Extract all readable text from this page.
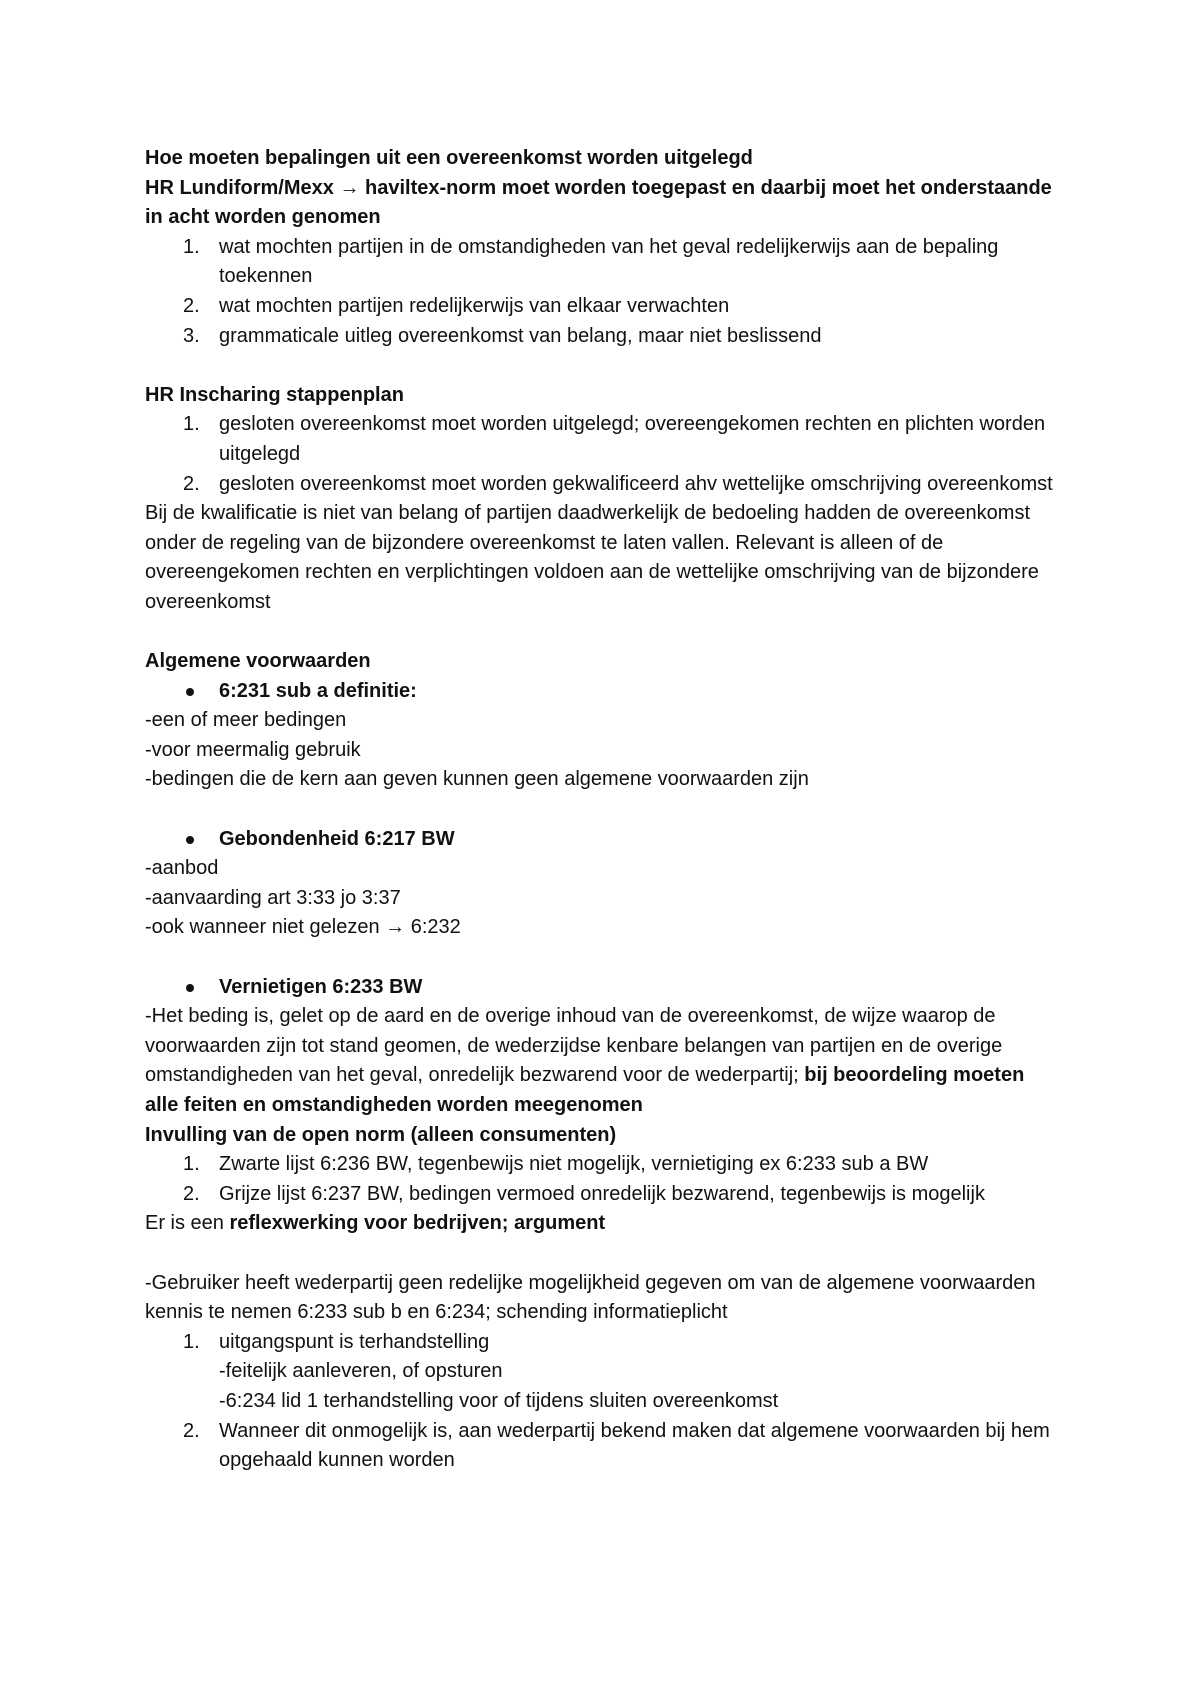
Hoe moeten bepalingen uit een overeenkomst worden uitgelegd

HR Lundiform/Mexx → haviltex-norm moet worden toegepast en daarbij moet het onderstaande in acht worden genomen

1. wat mochten partijen in de omstandigheden van het geval redelijkerwijs aan de bepaling toekennen
2. wat mochten partijen redelijkerwijs van elkaar verwachten
3. grammaticale uitleg overeenkomst van belang, maar niet beslissend

HR Inscharing stappenplan

1. gesloten overeenkomst moet worden uitgelegd; overeengekomen rechten en plichten worden uitgelegd
2. gesloten overeenkomst moet worden gekwalificeerd ahv wettelijke omschrijving overeenkomst

Bij de kwalificatie is niet van belang of partijen daadwerkelijk de bedoeling hadden de overeenkomst onder de regeling van de bijzondere overeenkomst te laten vallen. Relevant is alleen of de overeengekomen rechten en verplichtingen voldoen aan de wettelijke omschrijving van de bijzondere overeenkomst

Algemene voorwaarden

6:231 sub a definitie:

-een of meer bedingen

-voor meermalig gebruik

-bedingen die de kern aan geven kunnen geen algemene voorwaarden zijn

Gebondenheid 6:217 BW

-aanbod

-aanvaarding art 3:33 jo 3:37

-ook wanneer niet gelezen → 6:232

Vernietigen 6:233 BW

-Het beding is, gelet op de aard en de overige inhoud van de overeenkomst, de wijze waarop de voorwaarden zijn tot stand geomen, de wederzijdse kenbare belangen van partijen en de overige omstandigheden van het geval, onredelijk bezwarend voor de wederpartij; bij beoordeling moeten alle feiten en omstandigheden worden meegenomen

Invulling van de open norm (alleen consumenten)

1. Zwarte lijst 6:236 BW, tegenbewijs niet mogelijk, vernietiging ex 6:233 sub a BW
2. Grijze lijst 6:237 BW, bedingen vermoed onredelijk bezwarend, tegenbewijs is mogelijk

Er is een reflexwerking voor bedrijven; argument

-Gebruiker heeft wederpartij geen redelijke mogelijkheid gegeven om van de algemene voorwaarden kennis te nemen 6:233 sub b en 6:234; schending informatieplicht

1. uitgangspunt is terhandstelling
-feitelijk aanleveren, of opsturen
-6:234 lid 1 terhandstelling voor of tijdens sluiten overeenkomst
2. Wanneer dit onmogelijk is, aan wederpartij bekend maken dat algemene voorwaarden bij hem opgehaald kunnen worden
